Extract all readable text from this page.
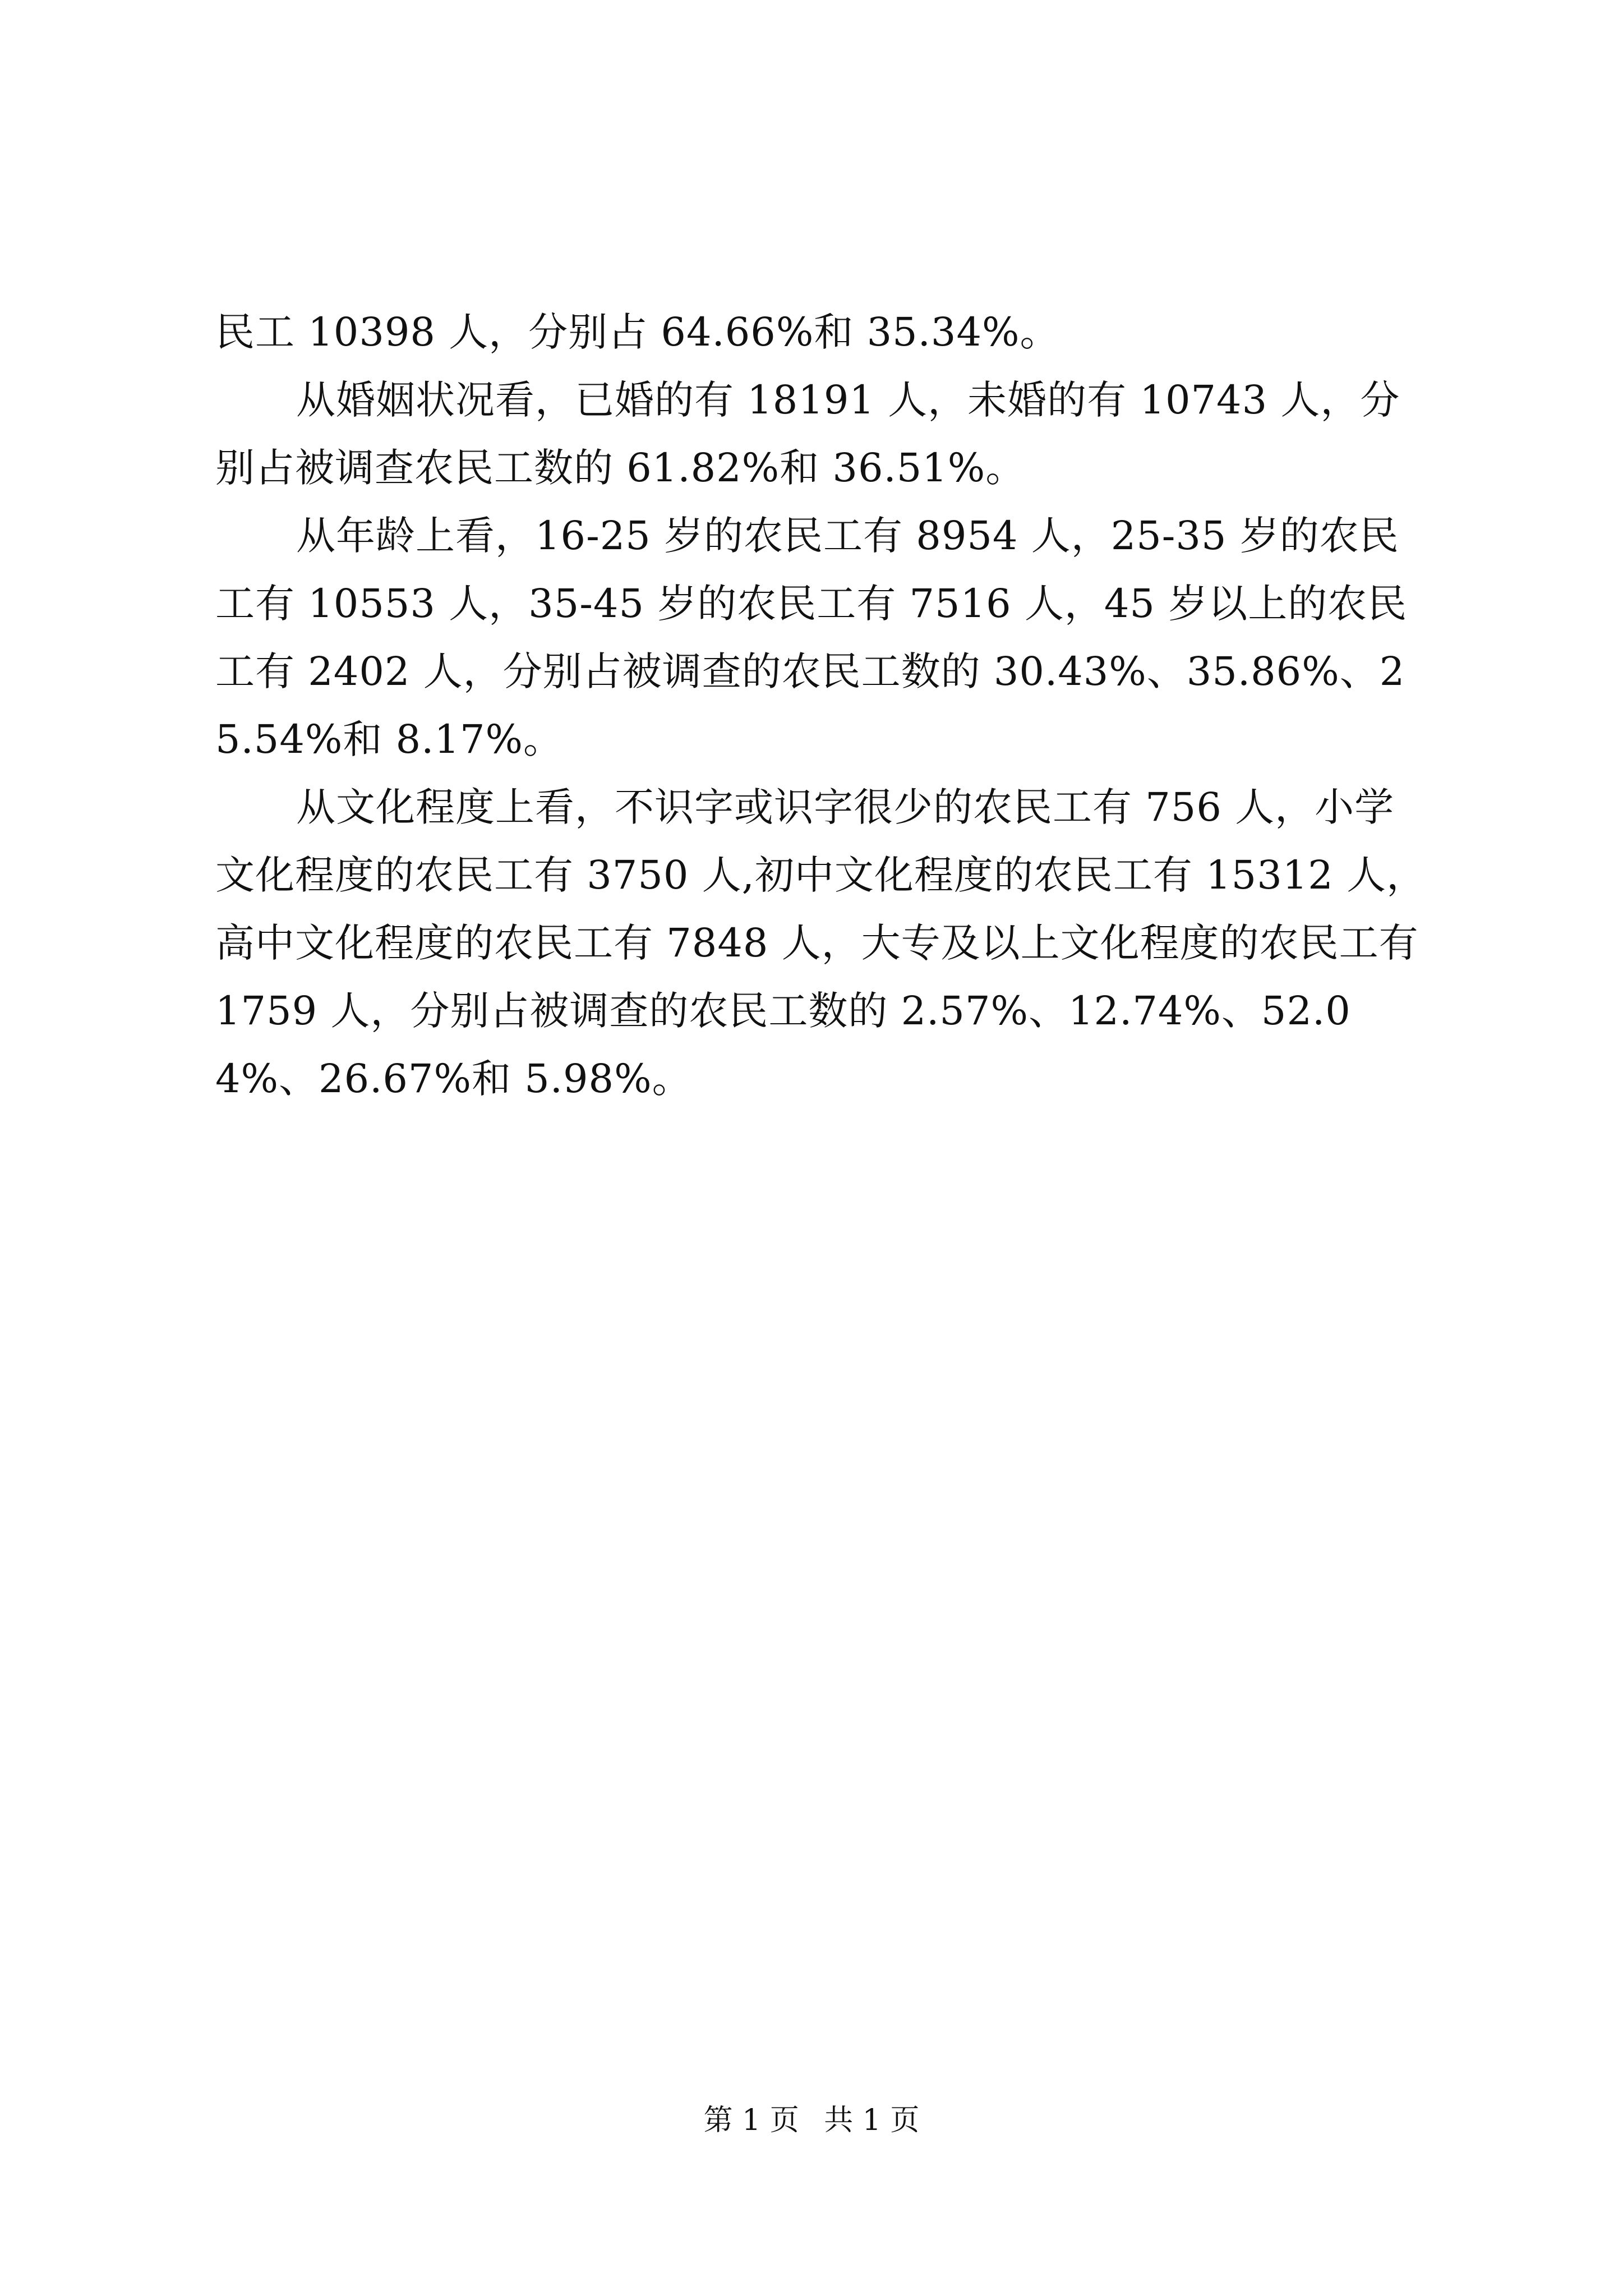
民工 10398 人，分别占 64.66%和 35.34%。

从婚姻状况看，已婚的有 18191 人，未婚的有 10743 人，分别占被调查农民工数的 61.82%和 36.51%。

从年龄上看，16-25 岁的农民工有 8954 人，25-35 岁的农民工有 10553 人，35-45 岁的农民工有 7516 人，45 岁以上的农民工有 2402 人，分别占被调查的农民工数的 30.43%、35.86%、25.54%和 8.17%。

从文化程度上看，不识字或识字很少的农民工有 756 人，小学文化程度的农民工有 3750 人,初中文化程度的农民工有 15312 人，高中文化程度的农民工有 7848 人，大专及以上文化程度的农民工有 1759 人，分别占被调查的农民工数的 2.57%、12.74%、52.04%、26.67%和 5.98%。

第 1 页 共 1 页
